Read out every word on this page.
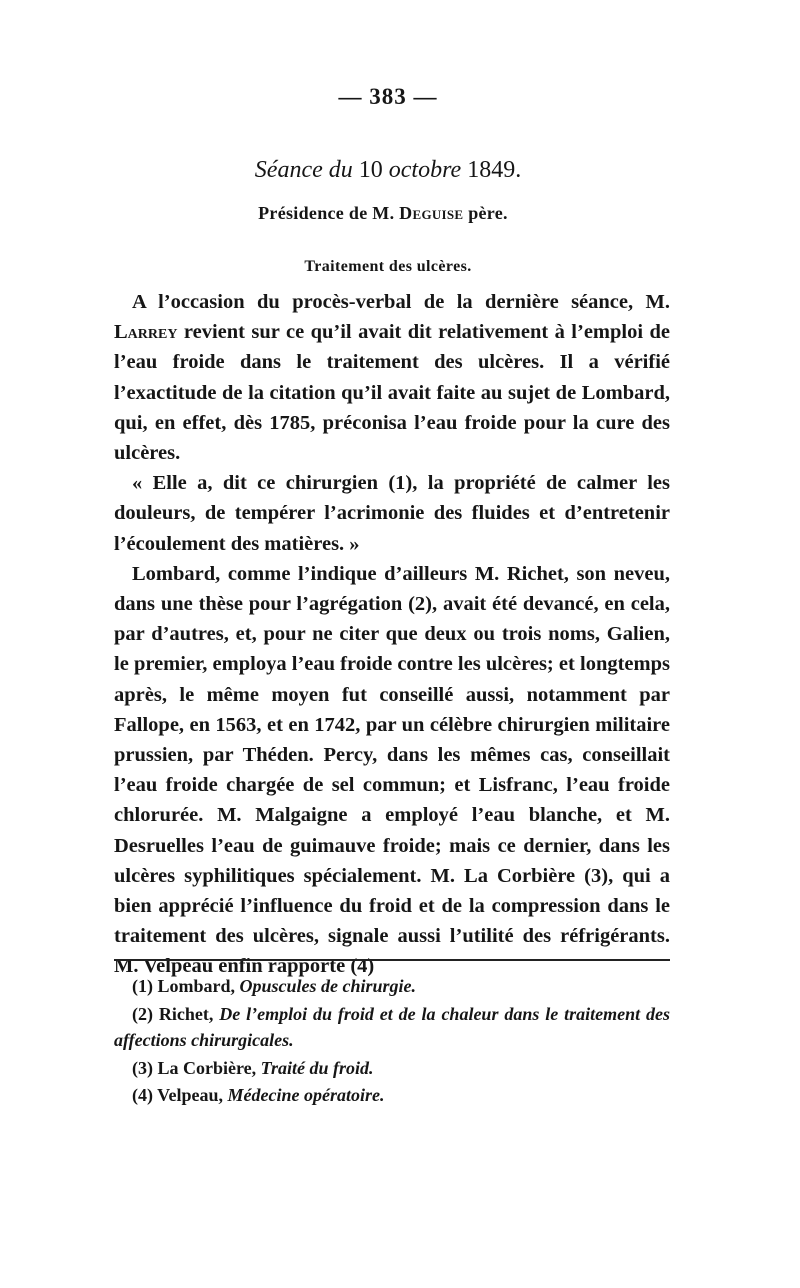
— 383 —
Séance du 10 octobre 1849.
Présidence de M. Deguise père.
Traitement des ulcères.

A l’occasion du procès-verbal de la dernière séance, M. Larrey revient sur ce qu’il avait dit relativement à l’emploi de l’eau froide dans le traitement des ulcères. Il a vérifié l’exactitude de la citation qu’il avait faite au sujet de Lombard, qui, en effet, dès 1785, préconisa l’eau froide pour la cure des ulcères.

« Elle a, dit ce chirurgien (1), la propriété de calmer les douleurs, de tempérer l’acrimonie des fluides et d’entretenir l’écoulement des matières. »

Lombard, comme l’indique d’ailleurs M. Richet, son neveu, dans une thèse pour l’agrégation (2), avait été devancé, en cela, par d’autres, et, pour ne citer que deux ou trois noms, Galien, le premier, employa l’eau froide contre les ulcères; et longtemps après, le même moyen fut conseillé aussi, notamment par Fallope, en 1563, et en 1742, par un célèbre chirurgien militaire prussien, par Théden. Percy, dans les mêmes cas, conseillait l’eau froide chargée de sel commun; et Lisfranc, l’eau froide chlorurée. M. Malgaigne a employé l’eau blanche, et M. Desruelles l’eau de guimauve froide; mais ce dernier, dans les ulcères syphilitiques spécialement. M. La Corbière (3), qui a bien apprécié l’influence du froid et de la compression dans le traitement des ulcères, signale aussi l’utilité des réfrigérants. M. Velpeau enfin rapporte (4)

(1) Lombard, Opuscules de chirurgie.

(2) Richet, De l’emploi du froid et de la chaleur dans le traitement des affections chirurgicales.

(3) La Corbière, Traité du froid.

(4) Velpeau, Médecine opératoire.
